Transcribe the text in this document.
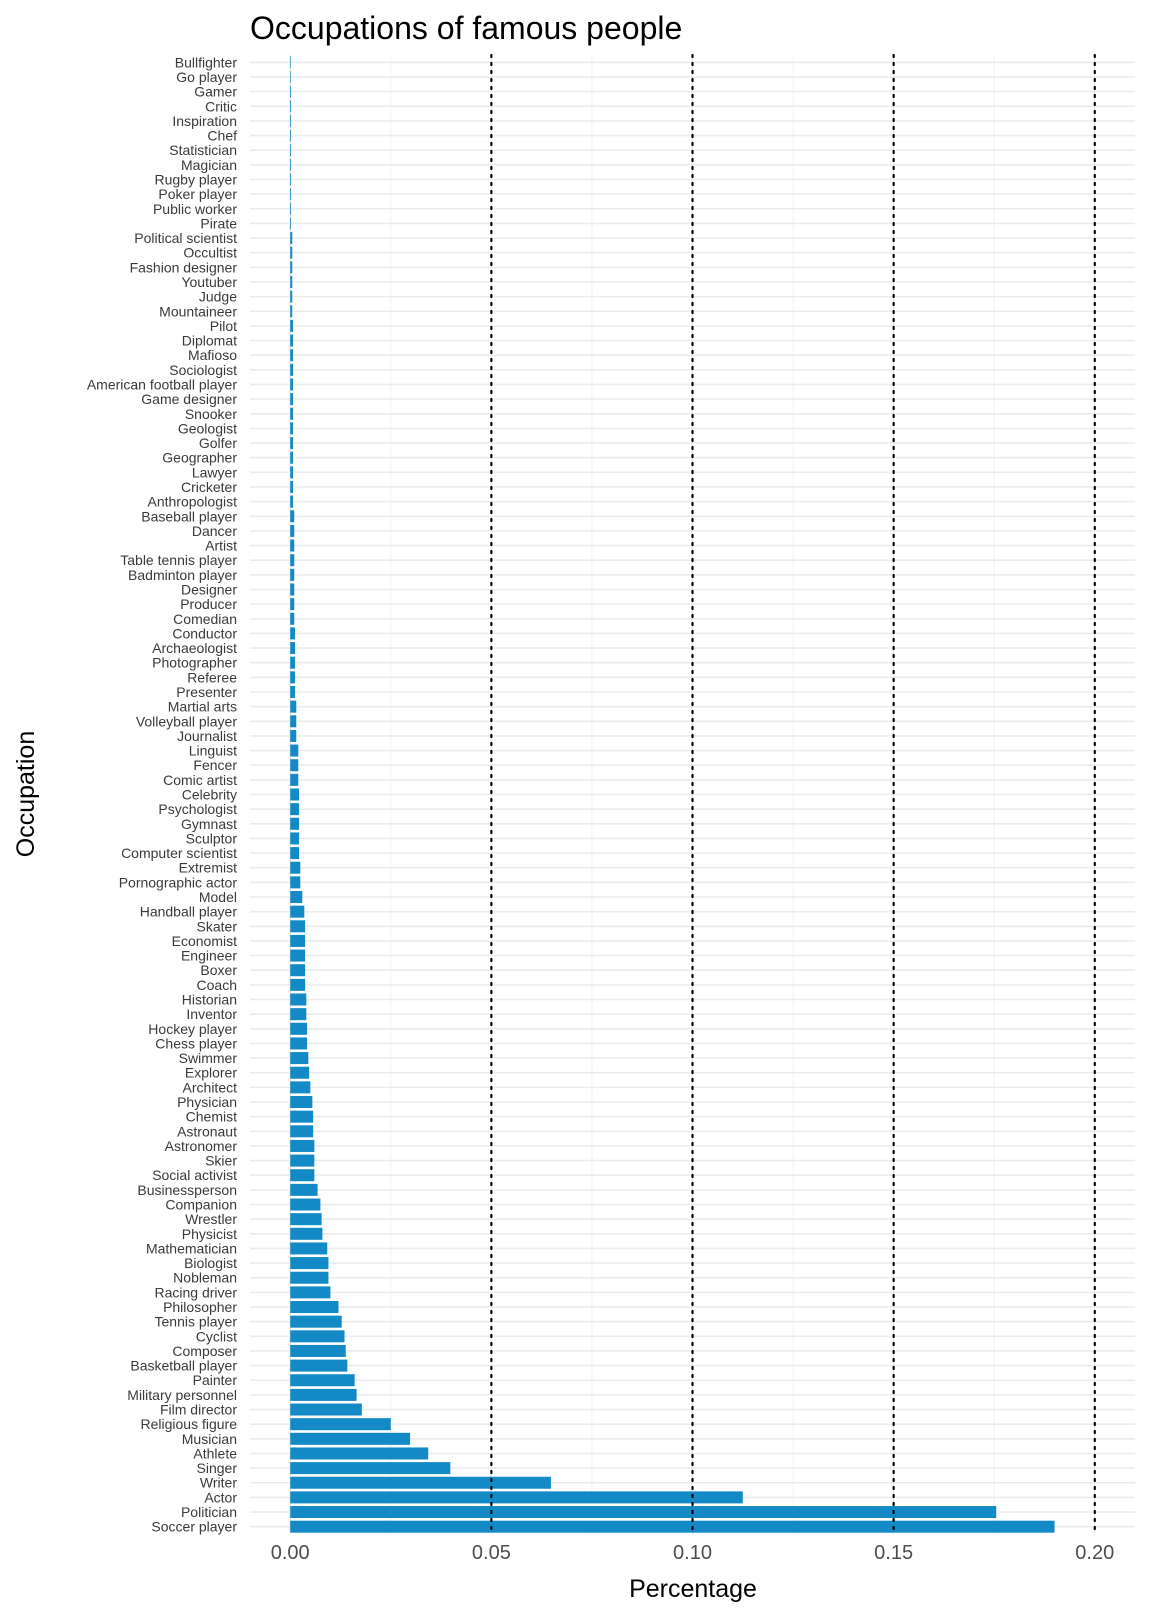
Occupations of famous people
Bullfighter
Go player
Gamer
Critic
Inspiration
Chef
Statistician
Magician
Rugby player
Poker player
Public worker
Pirate
Political scientist
Occultist
Fashion designer
Youtuber
Judge
Mountaineer
Pilot
Diplomat
Mafioso
Sociologist
American football player
Game designer
Snooker
Geologist
Golfer
Geographer
Lawyer
Cricketer
Anthropologist
Baseball player
Dancer
Artist
Table tennis player
Badminton player
Designer
Producer
Comedian
Conductor
Archaeologist
Photographer
Referee
Presenter
Martial arts
Volleyball player
Journalist
Linguist
Fencer
Comic artist
Celebrity
Psychologist
Gymnast
Sculptor
Computer scientist
Extremist
Pornographic actor
Model
Handball player
Skater
Economist
Engineer
Boxer
Coach
Historian
Inventor
Hockey player
Chess player
Swimmer
Explorer
Architect
Physician
Chemist
Astronaut
Astronomer
Skier
Social activist
Businessperson
Companion
Wrestler
Physicist
Mathematician
Biologist
Nobleman
Racing driver
Philosopher
Tennis player
Cyclist
Composer
Basketball player
Painter
Military personnel
Film director
Religious figure
Musician
Athlete
Singer
Writer
Actor
Politician
Soccer player
0.00	0.05	0.10	0.15	0.20
Percentage
Occupation
